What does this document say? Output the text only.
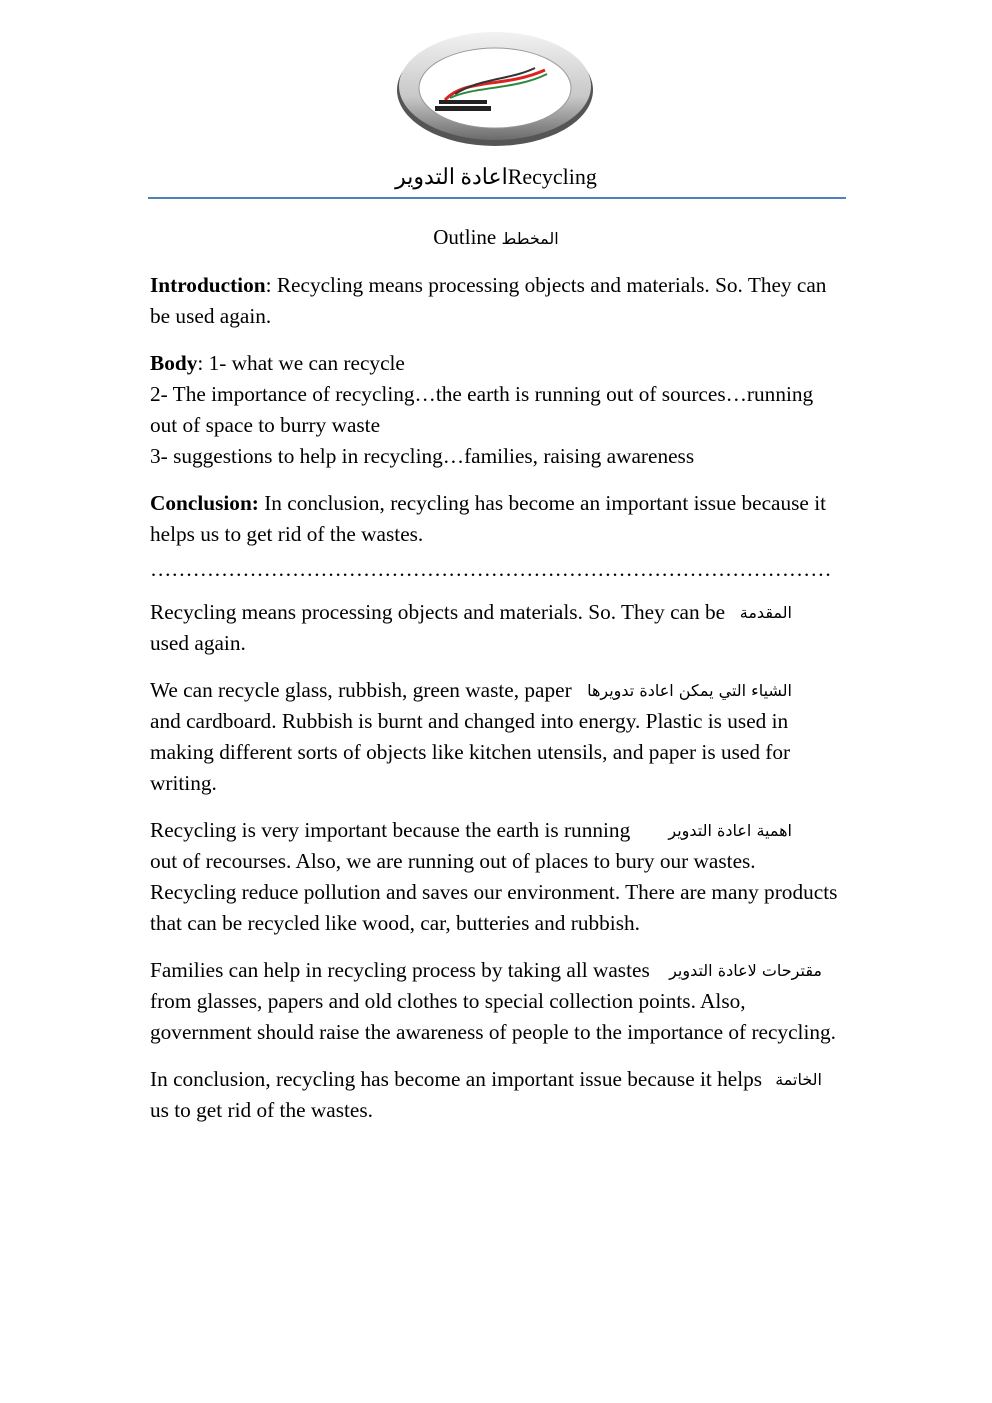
اعادة التدويرRecycling
Outline المخطط

Introduction: Recycling means processing objects and materials. So. They can be used again.

Body: 1- what we can recycle
2- The importance of recycling…the earth is running out of sources…running out of space to burry waste
3- suggestions to help in recycling…families, raising awareness

Conclusion: In conclusion, recycling has become an important issue because it helps us to get rid of the wastes.

……………………………………………………………………………………

المقدمة
Recycling means processing objects and materials. So. They can be used again.

الشياء التي يمكن اعادة تدويرها
We can recycle glass, rubbish, green waste, paper and cardboard. Rubbish is burnt and changed into energy. Plastic is used in making different sorts of objects like kitchen utensils, and paper is used for writing.

اهمية اعادة التدوير
Recycling is very important because the earth is running out of recourses. Also, we are running out of places to bury our wastes. Recycling reduce pollution and saves our environment. There are many products that can be recycled like wood, car, butteries and rubbish.

مقترحات لاعادة التدوير
Families can help in recycling process by taking all wastes from glasses, papers and old clothes to special collection points. Also, government should raise the awareness of people to the importance of recycling.

الخاتمة
In conclusion, recycling has become an important issue because it helps us to get rid of the wastes.
